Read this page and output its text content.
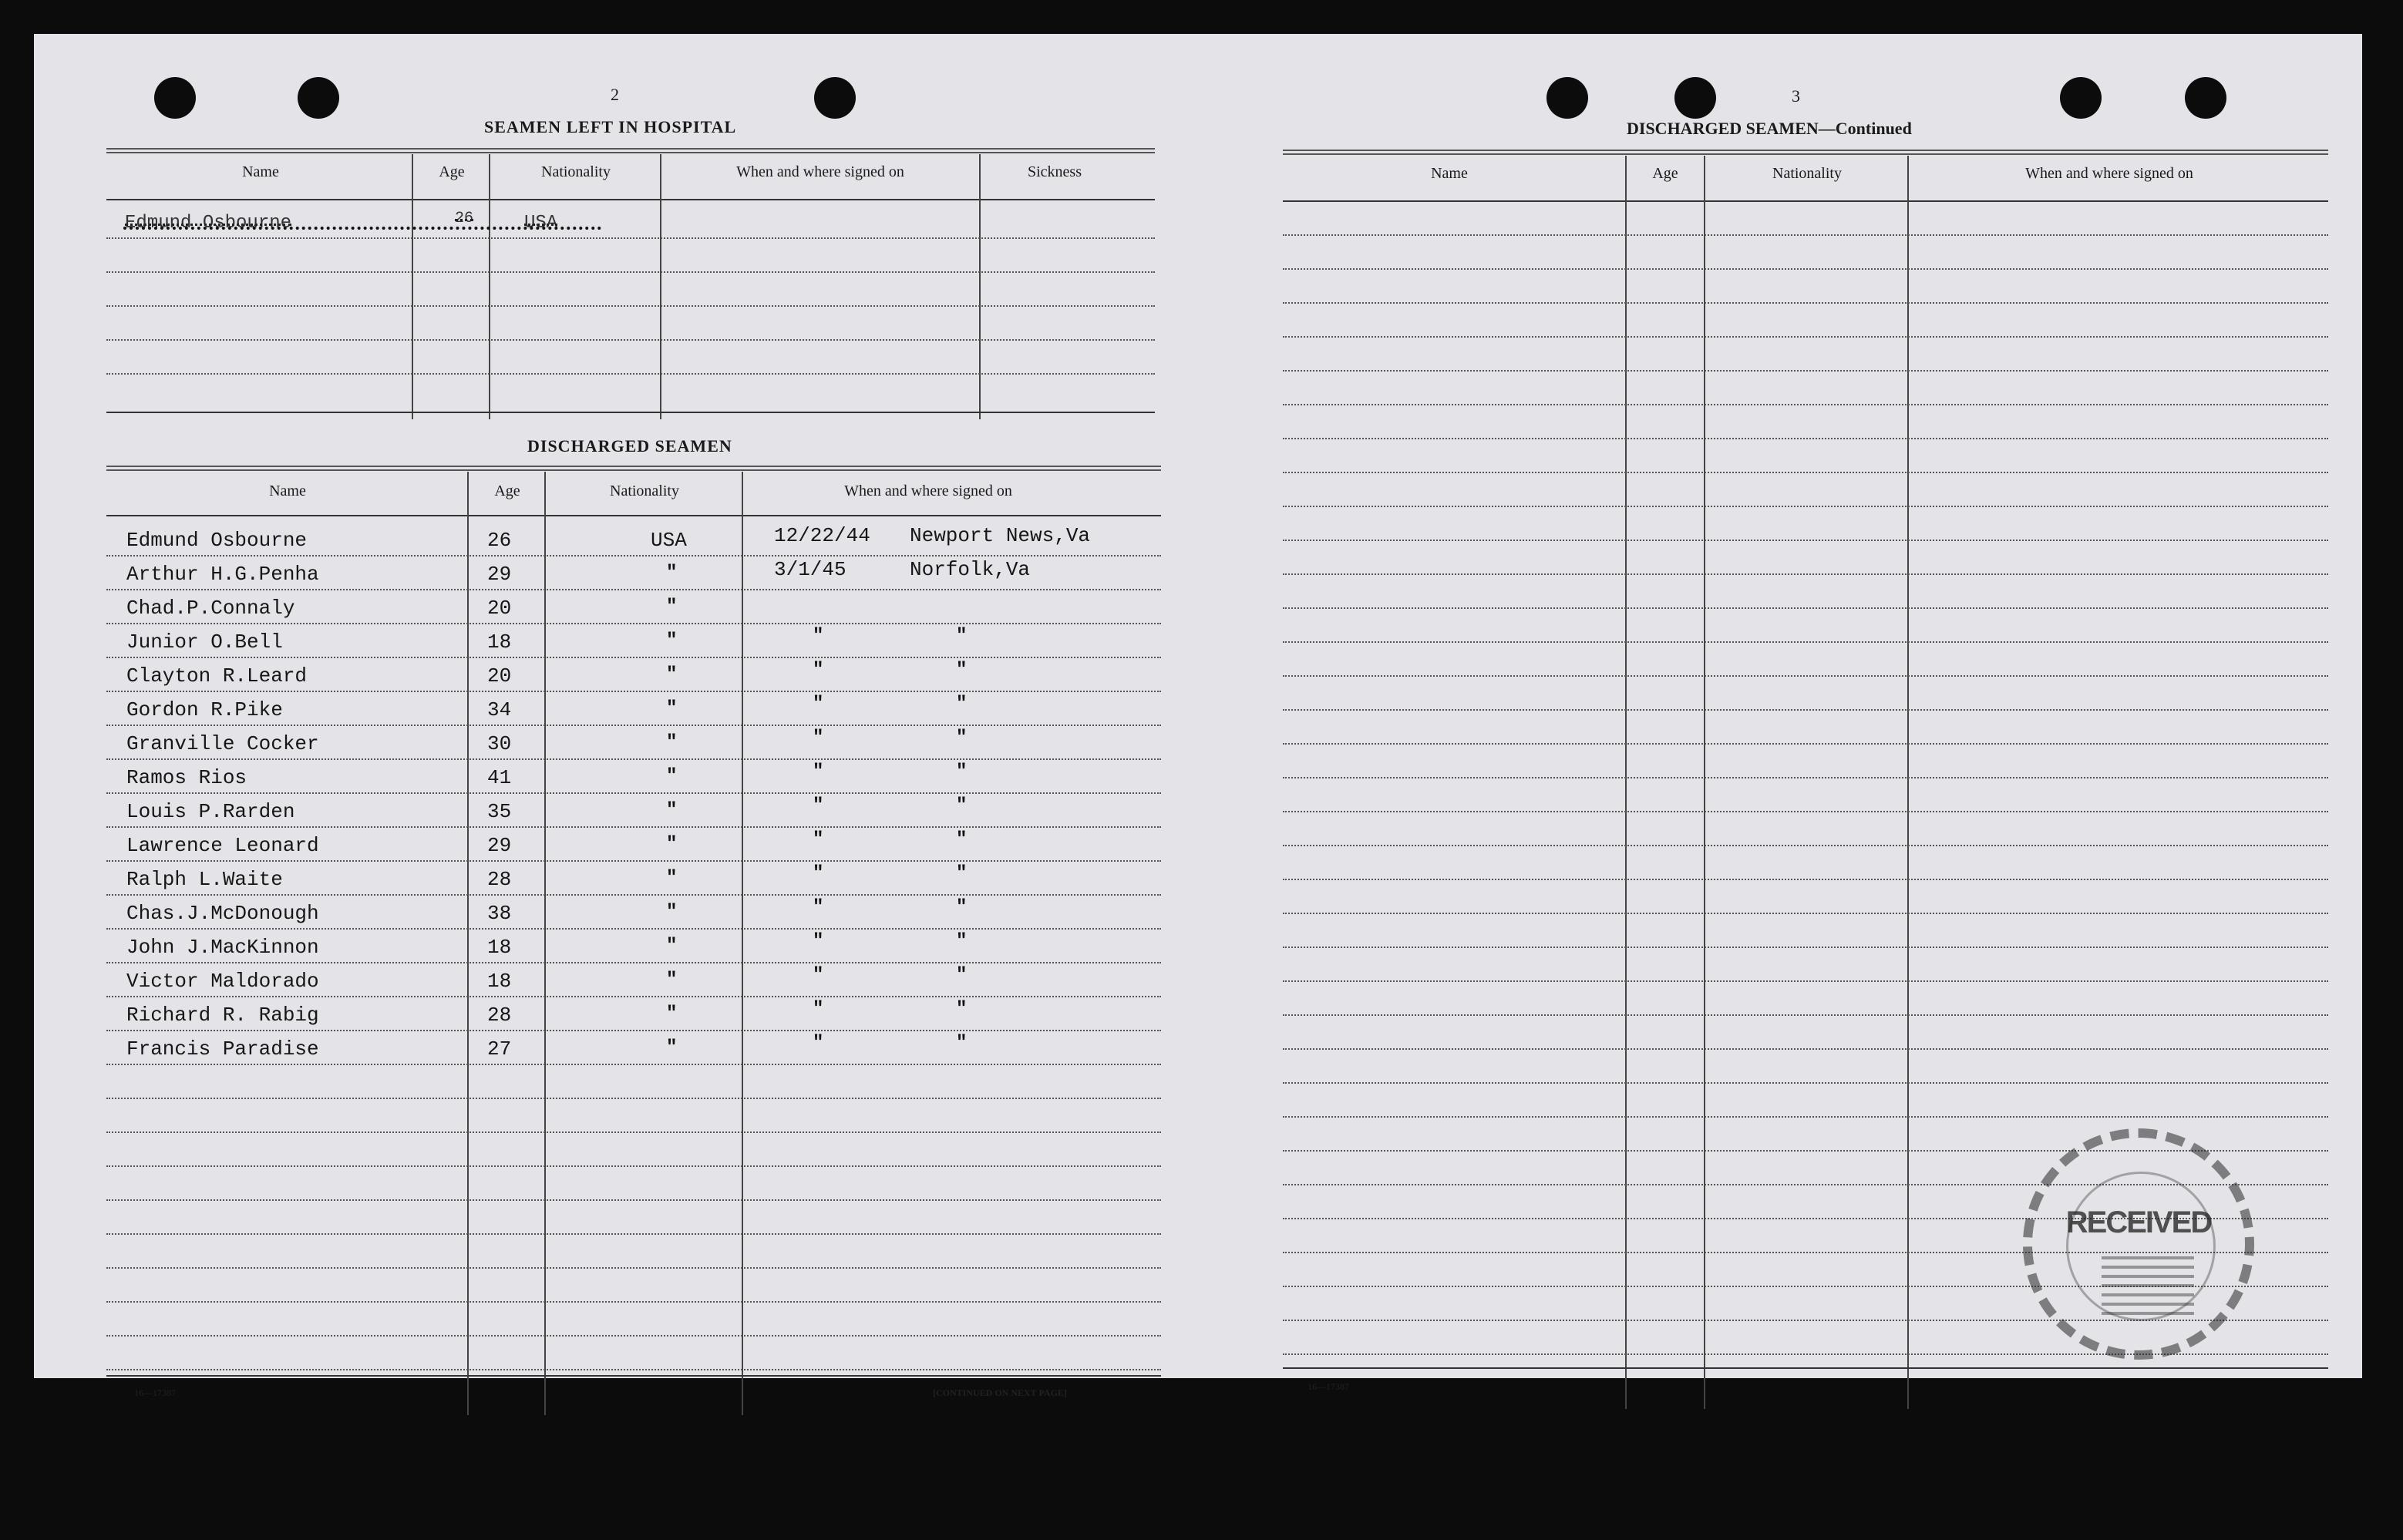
2
SEAMEN LEFT IN HOSPITAL
Name	Age	Nationality	When and where signed on	Sickness
Edmund Osbourne	26	USA
DISCHARGED SEAMEN
Name	Age	Nationality	When and where signed on
Edmund Osbourne	26	USA	12/22/44 Newport News,Va
Arthur H.G.Penha	29	"	3/1/45	Norfolk,Va
Chad.P.Connaly	20	"
Junior O.Bell	18	"	"	"
Clayton R.Leard	20	"	"	"
Gordon R.Pike	34	"	"	"
Granville Cocker	30	"	"	"
Ramos Rios	41	"	"	"
Louis P.Rarden	35	"	"	"
Lawrence Leonard	29	"	"	"
Ralph L.Waite	28	"	"	"
Chas.J.McDonough	38	"	"	"
John J.MacKinnon	18	"	"	"
Victor Maldorado	18	"	"	"
Richard R. Rabig	28	"	"	"
Francis Paradise	27	"	"	"
16—17387	[CONTINUED ON NEXT PAGE]
3
DISCHARGED SEAMEN—Continued
Name	Age	Nationality	When and where signed on
16—17387
RECEIVED
